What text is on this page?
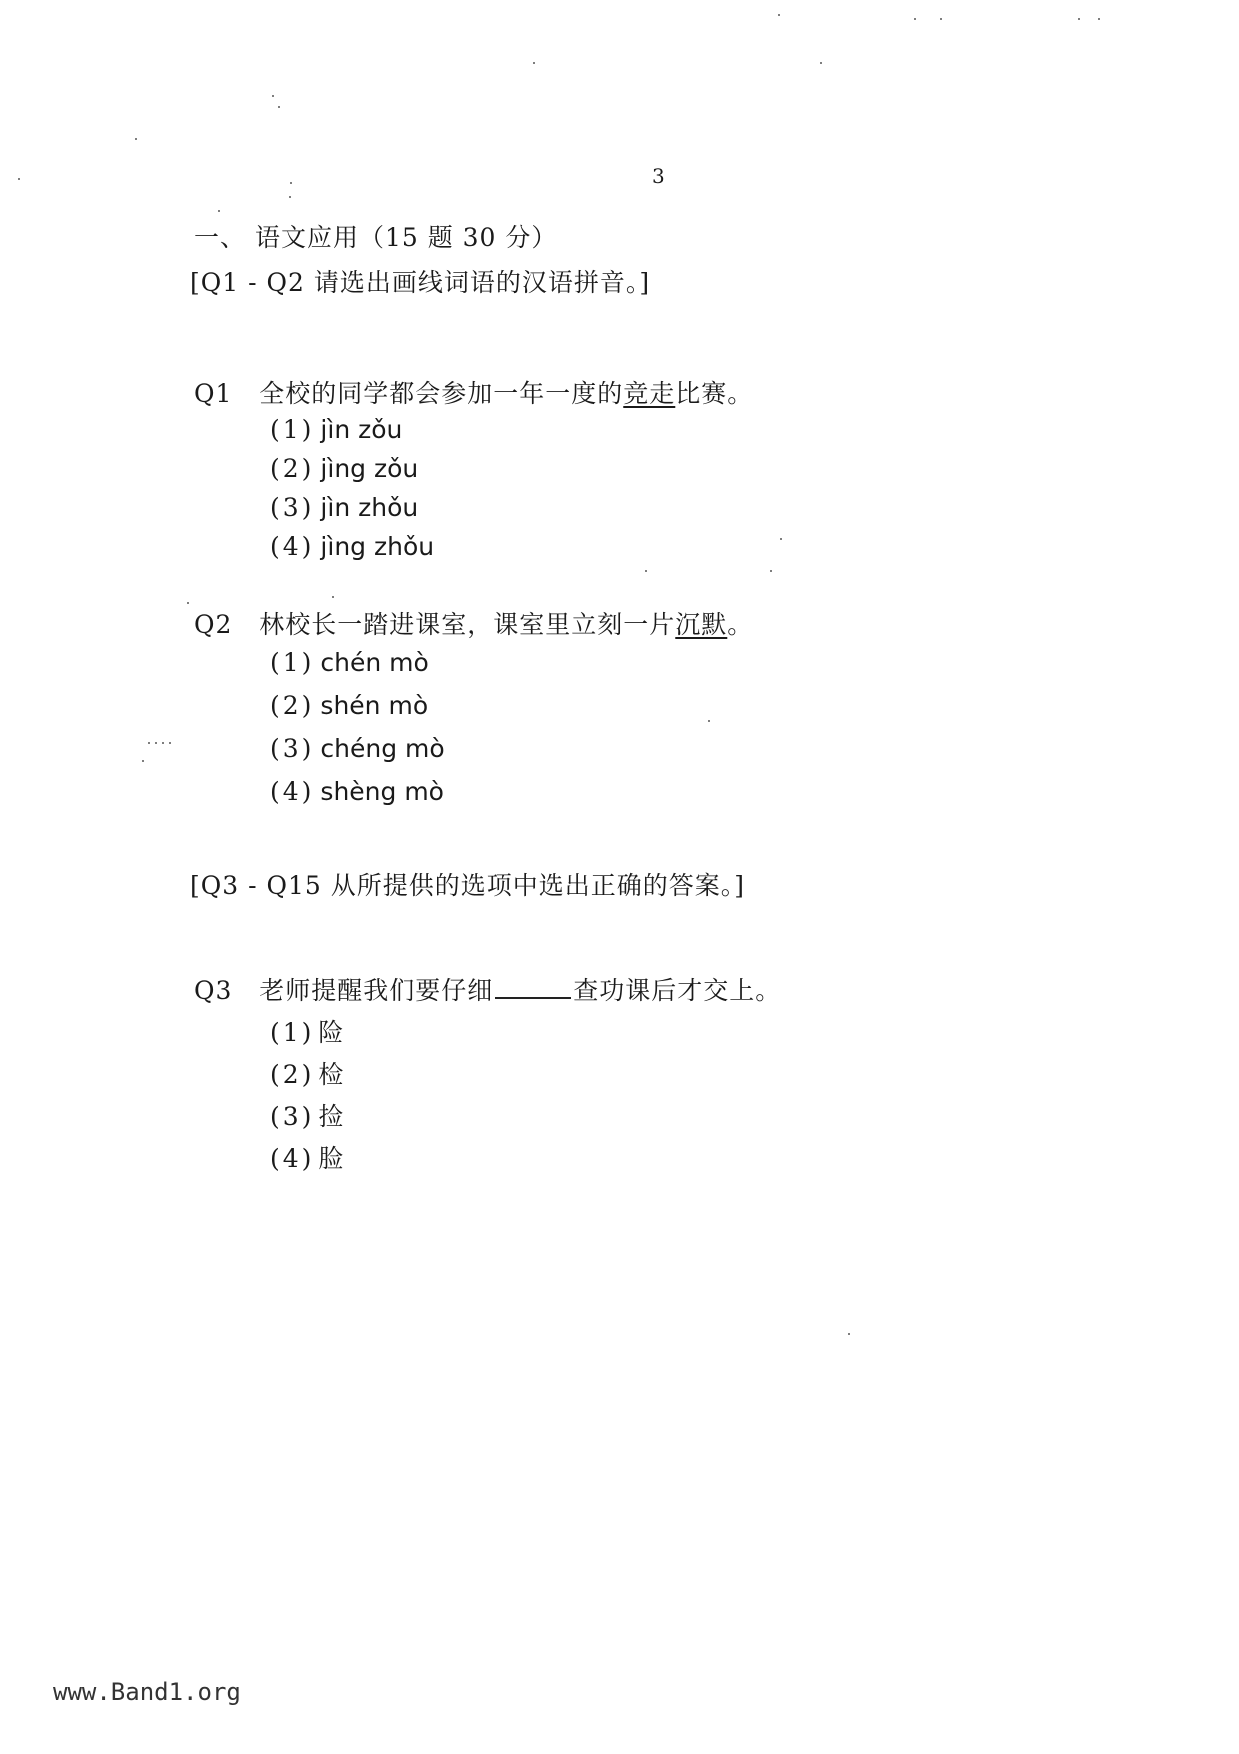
3
一、 语文应用（15 题 30 分）
[Q1 - Q2 请选出画线词语的汉语拼音。]
Q1 全校的同学都会参加一年一度的竞走比赛。
(1) jìn zǒu
(2) jìng zǒu
(3) jìn zhǒu
(4) jìng zhǒu
Q2 林校长一踏进课室，课室里立刻一片沉默。
(1) chén mò
(2) shén mò
(3) chéng mò
(4) shèng mò
[Q3 - Q15 从所提供的选项中选出正确的答案。]
Q3 老师提醒我们要仔细	查功课后才交上。
(1) 险
(2) 检
(3) 捡
(4) 脸
www.Band1.org
